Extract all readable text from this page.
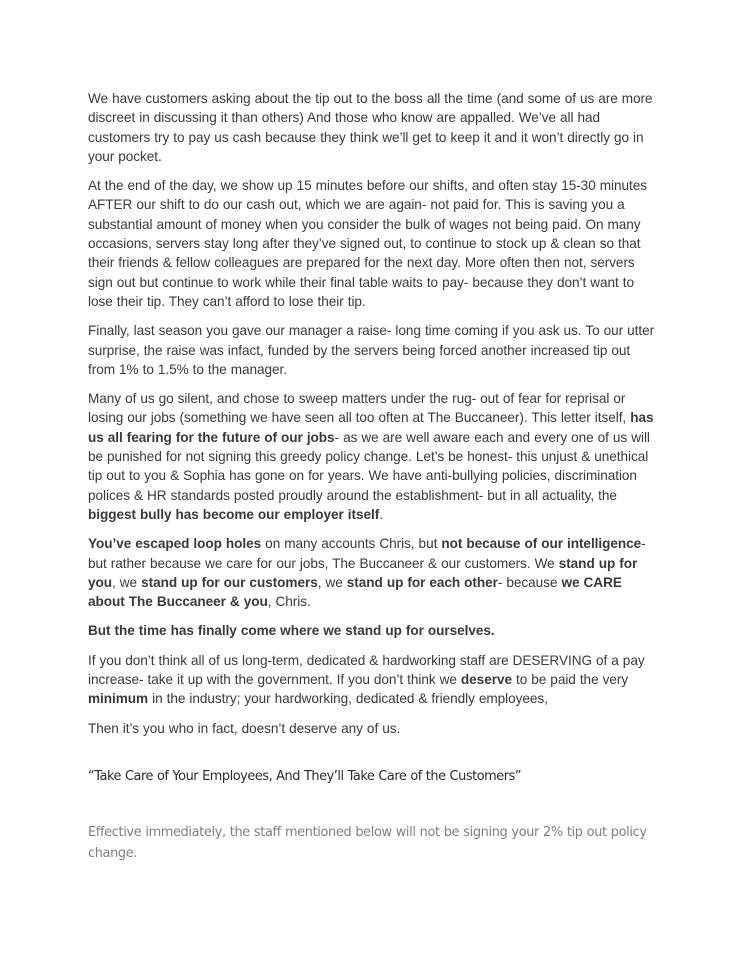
We have customers asking about the tip out to the boss all the time (and some of us are more discreet in discussing it than others) And those who know are appalled. We’ve all had customers try to pay us cash because they think we’ll get to keep it and it won’t directly go in your pocket.

At the end of the day, we show up 15 minutes before our shifts, and often stay 15-30 minutes AFTER our shift to do our cash out, which we are again- not paid for. This is saving you a substantial amount of money when you consider the bulk of wages not being paid. On many occasions, servers stay long after they’ve signed out, to continue to stock up & clean so that their friends & fellow colleagues are prepared for the next day. More often then not, servers sign out but continue to work while their final table waits to pay- because they don’t want to lose their tip. They can’t afford to lose their tip.

Finally, last season you gave our manager a raise- long time coming if you ask us. To our utter surprise, the raise was infact, funded by the servers being forced another increased tip out from 1% to 1.5% to the manager.

Many of us go silent, and chose to sweep matters under the rug- out of fear for reprisal or losing our jobs (something we have seen all too often at The Buccaneer). This letter itself, has us all fearing for the future of our jobs- as we are well aware each and every one of us will be punished for not signing this greedy policy change. Let’s be honest- this unjust & unethical tip out to you & Sophia has gone on for years. We have anti-bullying policies, discrimination polices & HR standards posted proudly around the establishment- but in all actuality, the biggest bully has become our employer itself.

You’ve escaped loop holes on many accounts Chris, but not because of our intelligence- but rather because we care for our jobs, The Buccaneer & our customers. We stand up for you, we stand up for our customers, we stand up for each other- because we CARE about The Buccaneer & you, Chris.

But the time has finally come where we stand up for ourselves.

If you don’t think all of us long-term, dedicated & hardworking staff are DESERVING of a pay increase- take it up with the government. If you don’t think we deserve to be paid the very minimum in the industry; your hardworking, dedicated & friendly employees,

Then it’s you who in fact, doesn’t deserve any of us.

“Take Care of Your Employees, And They’ll Take Care of the Customers”

Effective immediately, the staff mentioned below will not be signing your 2% tip out policy change.
